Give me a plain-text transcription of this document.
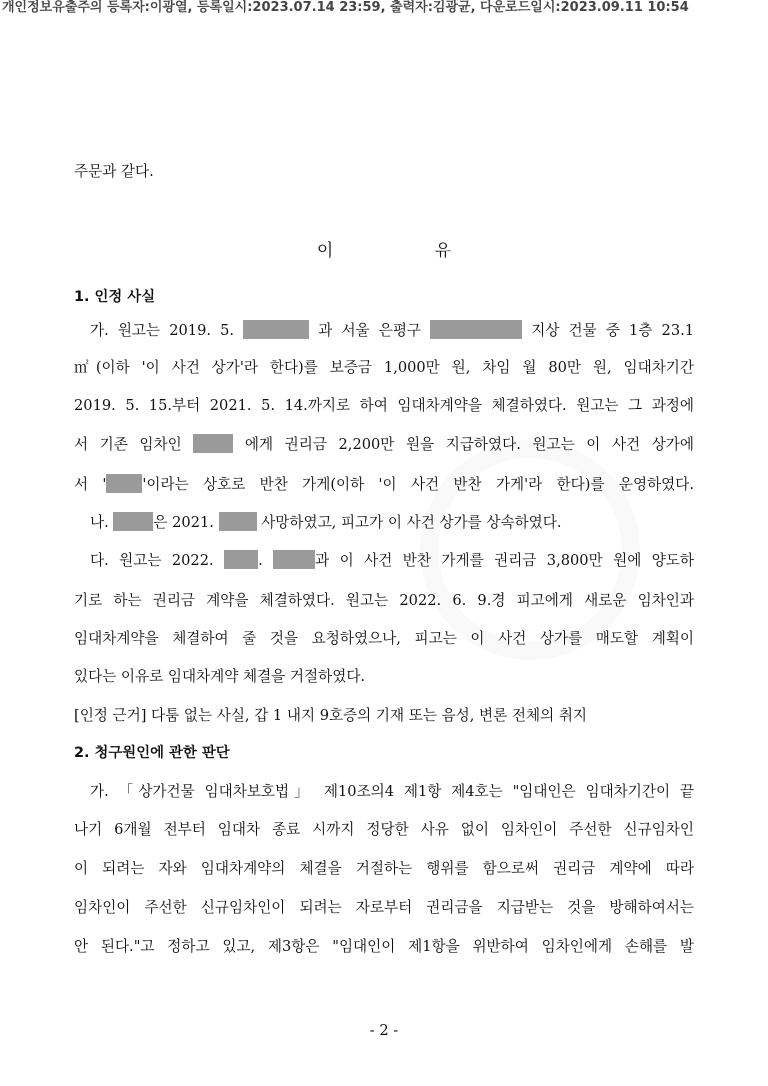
개인정보유출주의 등록자:이광열, 등록일시:2023.07.14 23:59, 출력자:김광균, 다운로드일시:2023.09.11 10:54
주문과 같다.
이 유
1. 인정 사실
가. 원고는 2019. 5.	과 서울 은평구	지상 건물 중 1층 23.1
㎡(이하 '이 사건 상가'라 한다)를 보증금 1,000만 원, 차임 월 80만 원, 임대차기간
2019. 5. 15.부터 2021. 5. 14.까지로 하여 임대차계약을 체결하였다. 원고는 그 과정에
서 기존 임차인	에게 권리금 2,200만 원을 지급하였다. 원고는 이 사건 상가에
서 ' '이라는 상호로 반찬 가게(이하 '이 사건 반찬 가게'라 한다)를 운영하였다.
나.	은 2021.	사망하였고, 피고가 이 사건 상가를 상속하였다.
다. 원고는 2022.	.	과 이 사건 반찬 가게를 권리금 3,800만 원에 양도하
기로 하는 권리금 계약을 체결하였다. 원고는 2022. 6. 9.경 피고에게 새로운 임차인과
임대차계약을 체결하여 줄 것을 요청하였으나, 피고는 이 사건 상가를 매도할 계획이
있다는 이유로 임대차계약 체결을 거절하였다.
[인정 근거] 다툼 없는 사실, 갑 1 내지 9호증의 기재 또는 음성, 변론 전체의 취지
2. 청구원인에 관한 판단
가. 「상가건물 임대차보호법」 제10조의4 제1항 제4호는 "임대인은 임대차기간이 끝
나기 6개월 전부터 임대차 종료 시까지 정당한 사유 없이 임차인이 주선한 신규임차인
이 되려는 자와 임대차계약의 체결을 거절하는 행위를 함으로써 권리금 계약에 따라
임차인이 주선한 신규임차인이 되려는 자로부터 권리금을 지급받는 것을 방해하여서는
안 된다."고 정하고 있고, 제3항은 "임대인이 제1항을 위반하여 임차인에게 손해를 발
- 2 -
